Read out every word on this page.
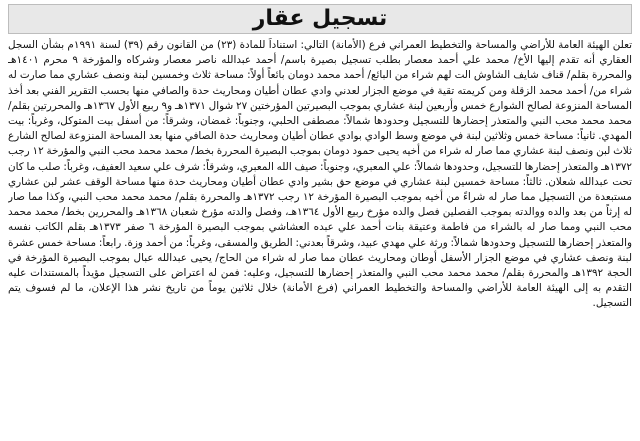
تسجيل عقار

تعلن الهيئة العامة للأراضي والمساحة والتخطيط العمراني فرع (الأمانة) التالي: استناداً للمادة (٢٣) من القانون رقم (٣٩) لسنة ١٩٩١م بشأن السجل العقاري أنه تقدم إليها الأخ/ محمد علي أحمد معصار بطلب تسجيل بصيرة باسم/ أحمد عبدالله ناصر معصار وشركاه والمؤرخة ٩ محرم ١٤٠١هـ والمحررة بقلم/ قناف شايف الشاوش الت لهم شراء من البائع/ أحمد محمد دومان بائعاً أولاً: مساحة ثلاث وخمسين لبنة ونصف عشاري مما صارت له شراء من/ أحمد محمد الزقلة ومن كريمته تقية في موضع الجزار لعدني وادي عطان أطيان ومحاريث حدة والصافي منها بحسب التقرير الفني بعد أخذ المساحة المنزوعة لصالح الشوارع خمس وأربعين لبنة عشاري بموجب البصيرتين المؤرختين ٢٧ شوال ١٣٧١هـ و٩ ربيع الأول ١٣٦٧هـ والمحررتين بقلم/ محمد محمد محب النبي والمتعذر إحضارها للتسجيل وحدودها شمالاً: مصطفى الحلبي، وجنوباً: غمضان، وشرقاً: من أسفل بيت المتوكل، وغرباً: بيت المهدي. ثانياً: مساحة خمس وثلاثين لبنة في موضع وسط الوادي بوادي عطان أطيان ومحاريث حدة الصافي منها بعد المساحة المنزوعة لصالح الشارع ثلاث لبن ونصف لبنة عشاري مما صار له شراء من أخيه يحيى حمود دومان بموجب البصيرة المحررة بخط/ محمد محمد محب النبي والمؤرخة ١٢ رجب ١٣٧٢هـ والمتعذر إحضارها للتسجيل، وحدودها شمالاً: علي المعبري، وجنوباً: صيف الله المعبري، وشرقاً: شرف علي سعيد العفيف، وغرباً: صلب ما كان تحت عبدالله شعلان. ثالثاً: مساحة خمسين لبنة عشاري في موضع حق بشير وادي عطان أطيان ومحاريث حدة منها مساحة الوقف عشر لبن عشاري مستبعدة من التسجيل مما صار له شراءً من أخيه بموجب البصيرة المؤرخة ١٢ رجب ١٣٧٢هـ والمحررة بقلم/ محمد محمد محب النبي، وكذا مما صار له إرثاً من بعد والده ووالدته بموجب الفصلين فصل والده مؤرخ ربيع الأول ١٣٦٤هـ، وفصل والدته مؤرخ شعبان ١٣٦٨هـ والمحررين بخط/ محمد محمد محب النبي ومما صار له بالشراء من فاطمة وعتيقة بنات أحمد علي عبده العشاشي بموجب البصيرة المؤرخة ٦ صفر ١٣٧٣هـ بقلم الكاتب نفسه والمتعذر إحضارها للتسجيل وحدودها شمالاً: ورثة علي مهدي عبيد، وشرقاً بعدني: الطريق والمسقى، وغرباً: من أحمد وزة. رابعاً: مساحة خمس عشرة لبنة ونصف عشاري في موضع الجزار الأسفل أوطان ومحاريث عطان مما صار له شراء من الحاج/ يحيى عبدالله عبال بموجب البصيرة المؤرخة في الحجة ١٣٩٢هـ والمحررة بقلم/ محمد محمد محب النبي والمتعذر إحضارها للتسجيل، وعليه: فمن له اعتراض على التسجيل مؤيداً بالمستندات عليه التقدم به إلى الهيئة العامة للأراضي والمساحة والتخطيط العمراني (فرع الأمانة) خلال ثلاثين يوماً من تاريخ نشر هذا الإعلان، ما لم فسوف يتم التسجيل.
